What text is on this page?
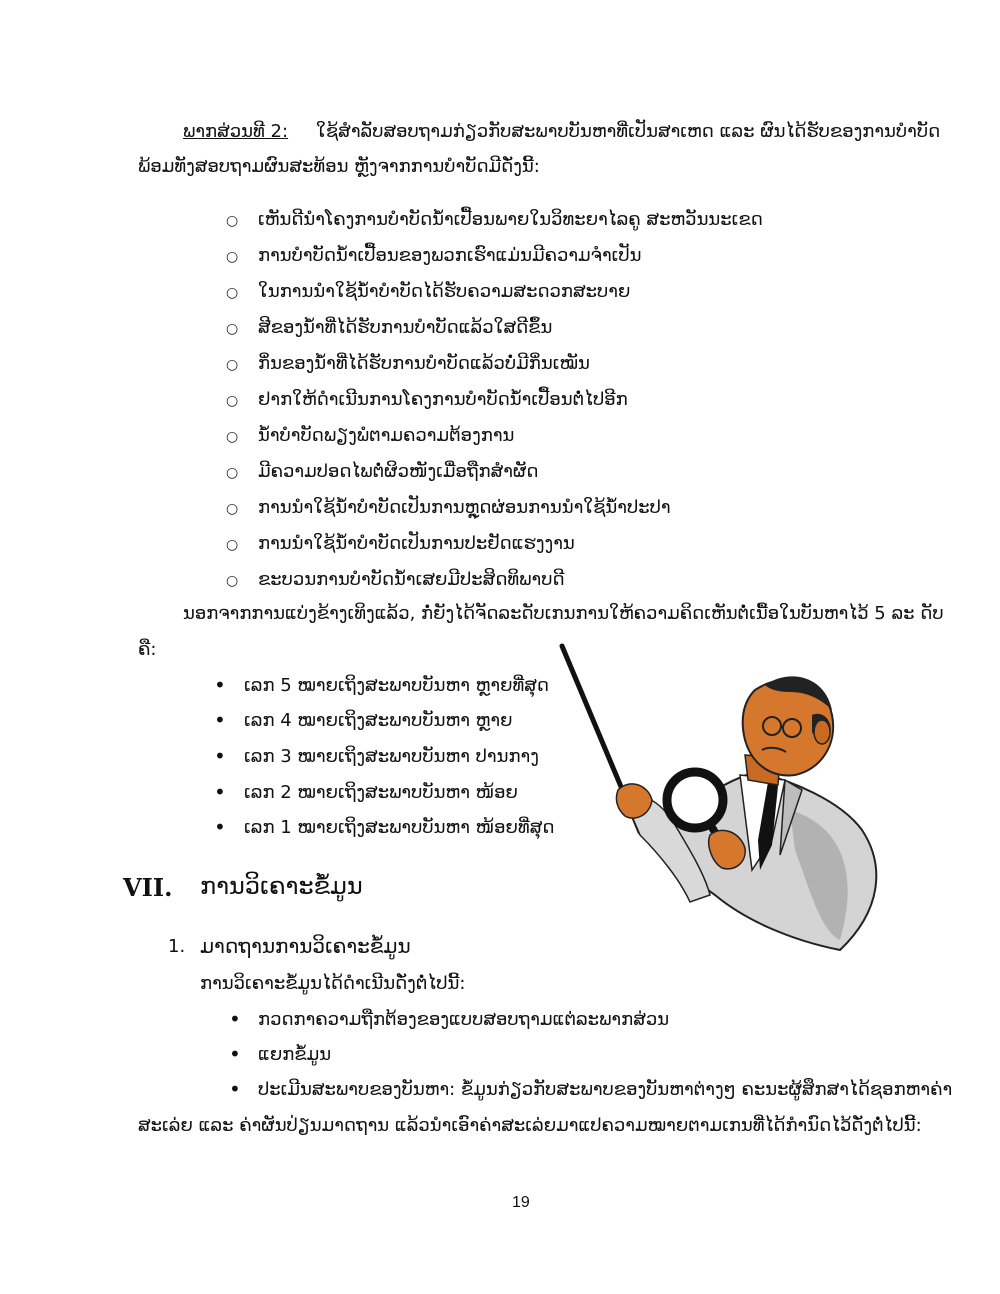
ພາກສ່ວນທີ 2: ໃຊ້ສຳລັບສອບຖາມກ່ຽວກັບສະພາບບັນຫາທີ່ເປັນສາເຫດ ແລະ ຜົນໄດ້ຮັບຂອງການບຳບັດ
ພ້ອມທັງສອບຖາມຜົນສະທ້ອນ ຫຼັງຈາກການບຳບັດມີດັ່ງນີ້:
○ ເຫັນດີນຳໂຄງການບຳບັດນ້ຳເປື້ອນພາຍໃນວິທະຍາໄລຄູ ສະຫວັນນະເຂດ
○ ການບຳບັດນ້ຳເປື້ອນຂອງພວກເຮົາແມ່ນມີຄວາມຈຳເປັນ
○ ໃນການນຳໃຊ້ນ້ຳບຳບັດໄດ້ຮັບຄວາມສະດວກສະບາຍ
○ ສີຂອງນ້ຳທີ່ໄດ້ຮັບການບຳບັດແລ້ວໃສດີຂຶ້ນ
○ ກິ່ນຂອງນ້ຳທີ່ໄດ້ຮັບການບຳບັດແລ້ວບໍ່ມີກິ່ນເໝັນ
○ ຢາກໃຫ້ດຳເນີນການໂຄງການບຳບັດນ້ຳເປື້ອນຕໍ່ໄປອີກ
○ ນ້ຳບຳບັດພຽງພໍຕາມຄວາມຕ້ອງການ
○ ມີຄວາມປອດໄພຕໍ່ຜິວໜັງເມື່ອຖືກສຳຜັດ
○ ການນຳໃຊ້ນ້ຳບຳບັດເປັນການຫຼຸດຜ່ອນການນຳໃຊ້ນ້ຳປະປາ
○ ການນຳໃຊ້ນ້ຳບຳບັດເປັນການປະຢັດແຮງງານ
○ ຂະບວນການບຳບັດນ້ຳເສຍມີປະສິດທິພາບດີ
ນອກຈາກການແບ່ງຂ້າງເທິງແລ້ວ, ກໍ່ຍັງໄດ້ຈັດລະດັບເກນການໃຫ້ຄວາມຄິດເຫັນຕໍ່ເນື້ອໃນບັນຫາໄວ້ 5 ລະ ດັບ
ຄື:
• ເລກ 5 ໝາຍເຖິງສະພາບບັນຫາ ຫຼາຍທີ່ສຸດ
• ເລກ 4 ໝາຍເຖິງສະພາບບັນຫາ ຫຼາຍ
• ເລກ 3 ໝາຍເຖິງສະພາບບັນຫາ ປານກາງ
• ເລກ 2 ໝາຍເຖິງສະພາບບັນຫາ ໜ້ອຍ
• ເລກ 1 ໝາຍເຖິງສະພາບບັນຫາ ໜ້ອຍທີ່ສຸດ
VII. ການວິເຄາະຂໍ້ມູນ
1. ມາດຖານການວິເຄາະຂໍ້ມູນ
ການວິເຄາະຂໍ້ມູນໄດ້ດຳເນີນດັ່ງຕໍ່ໄປນີ້:
• ກວດກາຄວາມຖືກຕ້ອງຂອງແບບສອບຖາມແຕ່ລະພາກສ່ວນ
• ແຍກຂໍ້ມູນ
• ປະເມີນສະພາບຂອງບັນຫາ: ຂໍ້ມູນກ່ຽວກັບສະພາບຂອງບັນຫາຕ່າງໆ ຄະນະຜູ້ສຶກສາໄດ້ຊອກຫາຄ່າ
ສະເລ່ຍ ແລະ ຄ່າຜັນປ່ຽນມາດຖານ ແລ້ວນຳເອົາຄ່າສະເລ່ຍມາແປຄວາມໝາຍຕາມເກນທີ່ໄດ້ກຳນົດໄວ້ດັ່ງຕໍ່ໄປນີ້:
19
